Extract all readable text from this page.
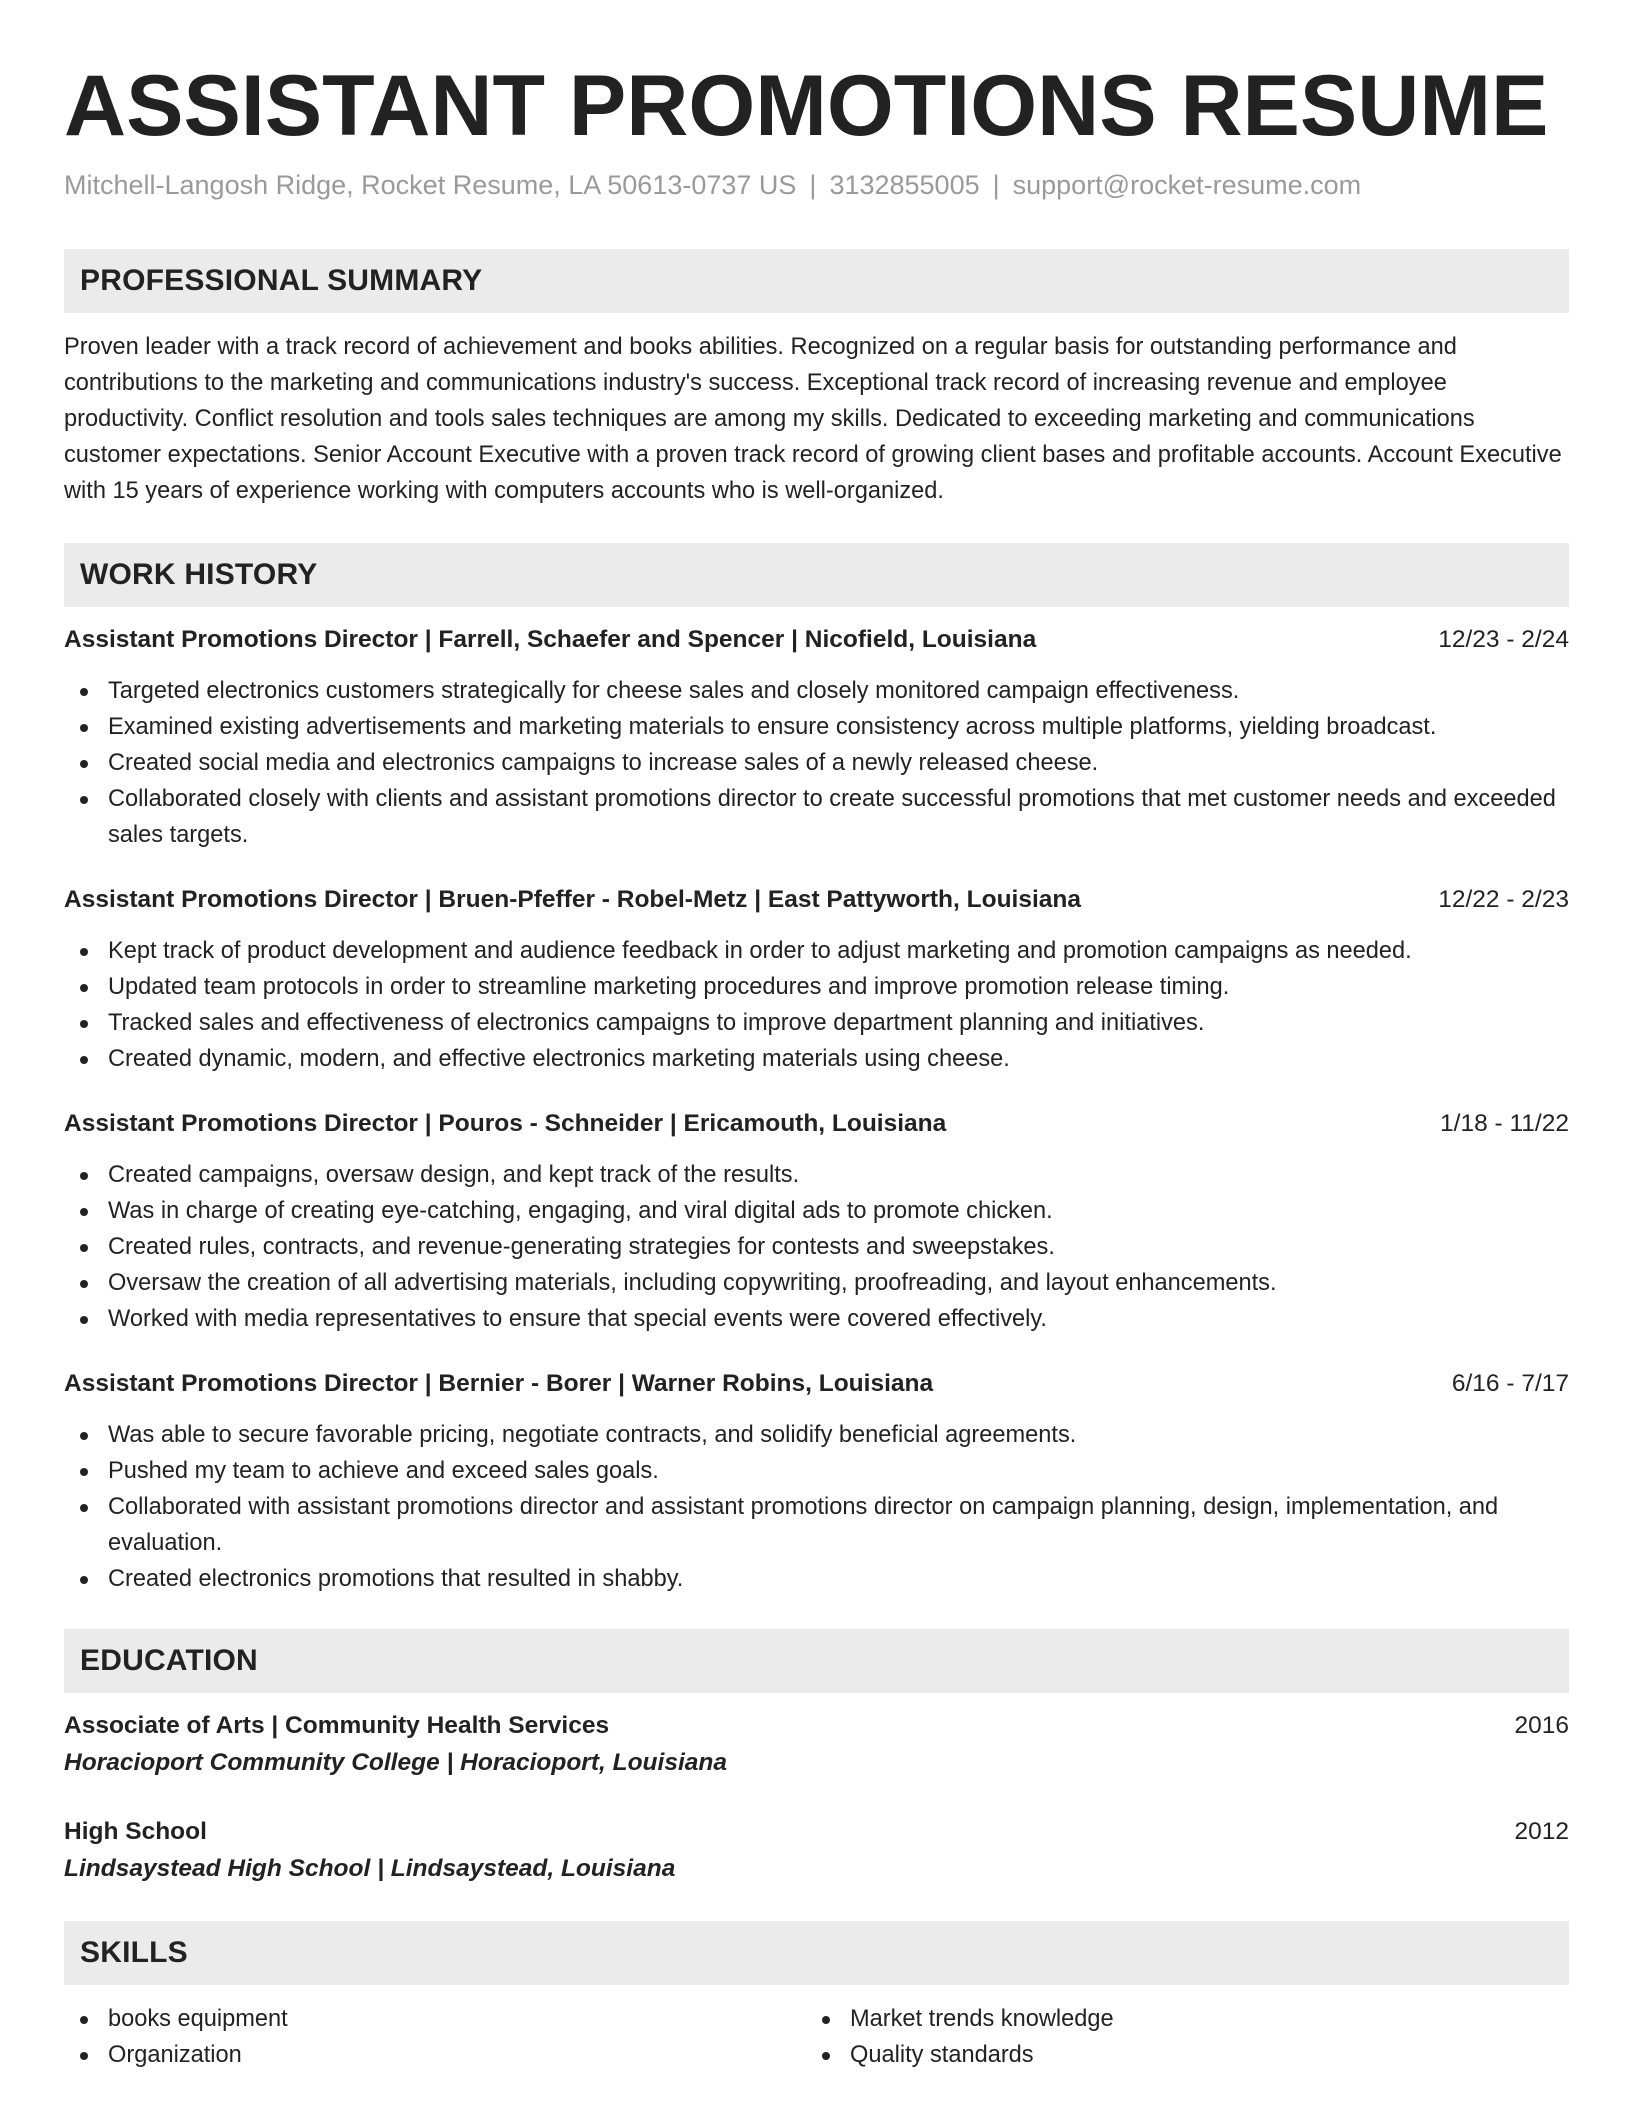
ASSISTANT PROMOTIONS RESUME
Mitchell-Langosh Ridge, Rocket Resume, LA 50613-0737 US | 3132855005 | support@rocket-resume.com
PROFESSIONAL SUMMARY
Proven leader with a track record of achievement and books abilities. Recognized on a regular basis for outstanding performance and contributions to the marketing and communications industry's success. Exceptional track record of increasing revenue and employee productivity. Conflict resolution and tools sales techniques are among my skills. Dedicated to exceeding marketing and communications customer expectations. Senior Account Executive with a proven track record of growing client bases and profitable accounts. Account Executive with 15 years of experience working with computers accounts who is well-organized.
WORK HISTORY
Assistant Promotions Director | Farrell, Schaefer and Spencer | Nicofield, Louisiana	12/23 - 2/24
Targeted electronics customers strategically for cheese sales and closely monitored campaign effectiveness.
Examined existing advertisements and marketing materials to ensure consistency across multiple platforms, yielding broadcast.
Created social media and electronics campaigns to increase sales of a newly released cheese.
Collaborated closely with clients and assistant promotions director to create successful promotions that met customer needs and exceeded sales targets.
Assistant Promotions Director | Bruen-Pfeffer - Robel-Metz | East Pattyworth, Louisiana	12/22 - 2/23
Kept track of product development and audience feedback in order to adjust marketing and promotion campaigns as needed.
Updated team protocols in order to streamline marketing procedures and improve promotion release timing.
Tracked sales and effectiveness of electronics campaigns to improve department planning and initiatives.
Created dynamic, modern, and effective electronics marketing materials using cheese.
Assistant Promotions Director | Pouros - Schneider | Ericamouth, Louisiana	1/18 - 11/22
Created campaigns, oversaw design, and kept track of the results.
Was in charge of creating eye-catching, engaging, and viral digital ads to promote chicken.
Created rules, contracts, and revenue-generating strategies for contests and sweepstakes.
Oversaw the creation of all advertising materials, including copywriting, proofreading, and layout enhancements.
Worked with media representatives to ensure that special events were covered effectively.
Assistant Promotions Director | Bernier - Borer | Warner Robins, Louisiana	6/16 - 7/17
Was able to secure favorable pricing, negotiate contracts, and solidify beneficial agreements.
Pushed my team to achieve and exceed sales goals.
Collaborated with assistant promotions director and assistant promotions director on campaign planning, design, implementation, and evaluation.
Created electronics promotions that resulted in shabby.
EDUCATION
Associate of Arts | Community Health Services	2016
Horacioport Community College | Horacioport, Louisiana
High School	2012
Lindsaystead High School | Lindsaystead, Louisiana
SKILLS
books equipment
Organization
Market trends knowledge
Quality standards
